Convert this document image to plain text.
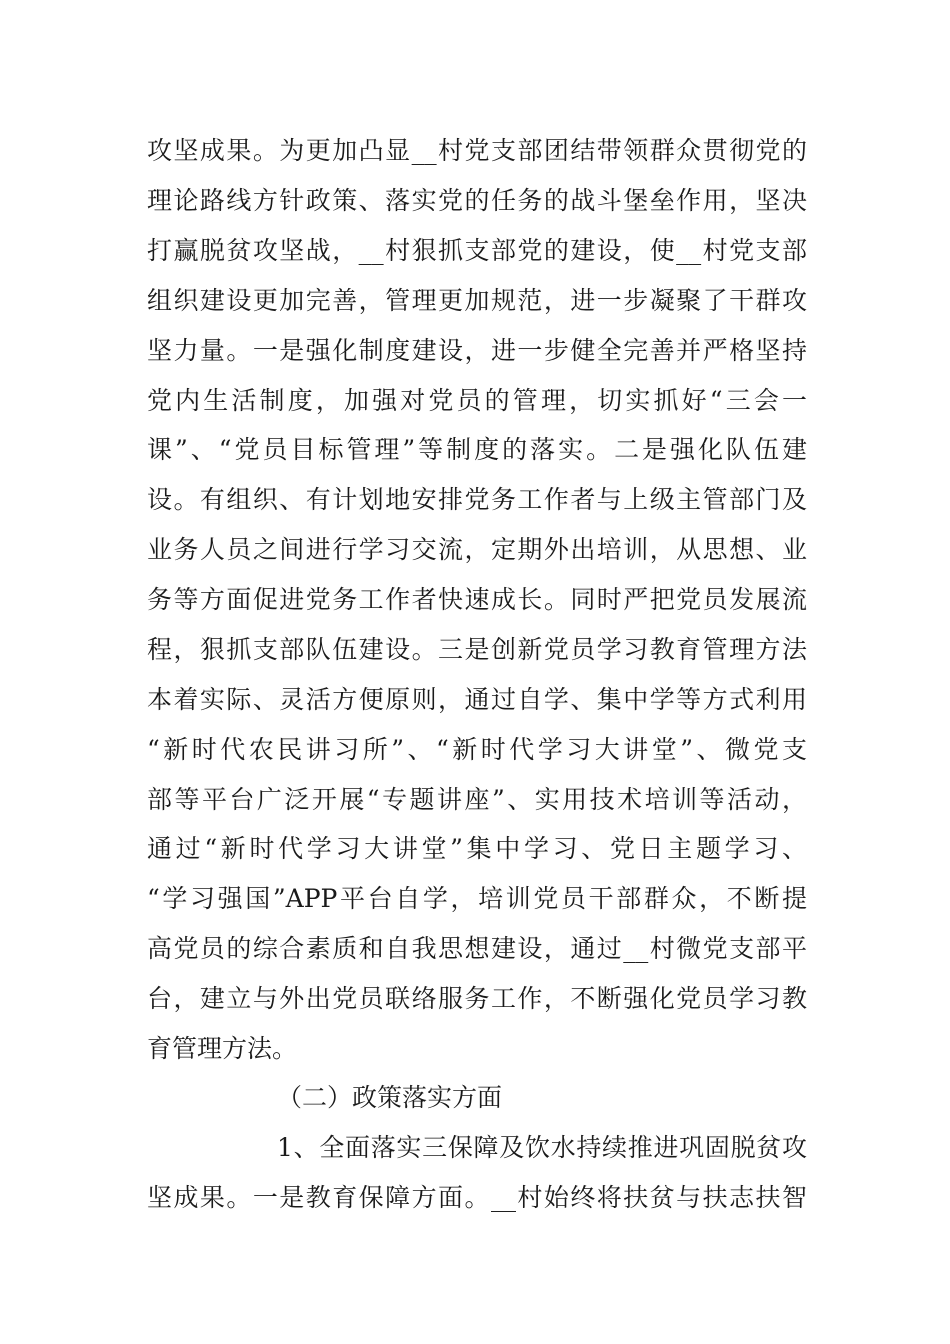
攻坚成果。为更加凸显__村党支部团结带领群众贯彻党的
理论路线方针政策、落实党的任务的战斗堡垒作用，坚决
打赢脱贫攻坚战，__村狠抓支部党的建设，使__村党支部
组织建设更加完善，管理更加规范，进一步凝聚了干群攻
坚力量。一是强化制度建设，进一步健全完善并严格坚持
党内生活制度，加强对党员的管理，切实抓好“三会一
课”、“党员目标管理”等制度的落实。二是强化队伍建
设。有组织、有计划地安排党务工作者与上级主管部门及
业务人员之间进行学习交流，定期外出培训，从思想、业
务等方面促进党务工作者快速成长。同时严把党员发展流
程，狠抓支部队伍建设。三是创新党员学习教育管理方法
本着实际、灵活方便原则，通过自学、集中学等方式利用
“新时代农民讲习所”、“新时代学习大讲堂”、微党支
部等平台广泛开展“专题讲座”、实用技术培训等活动，
通过“新时代学习大讲堂”集中学习、党日主题学习、
“学习强国”APP平台自学，培训党员干部群众，不断提
高党员的综合素质和自我思想建设，通过__村微党支部平
台，建立与外出党员联络服务工作，不断强化党员学习教
育管理方法。
（二）政策落实方面
1、全面落实三保障及饮水持续推进巩固脱贫攻
坚成果。一是教育保障方面。__村始终将扶贫与扶志扶智
